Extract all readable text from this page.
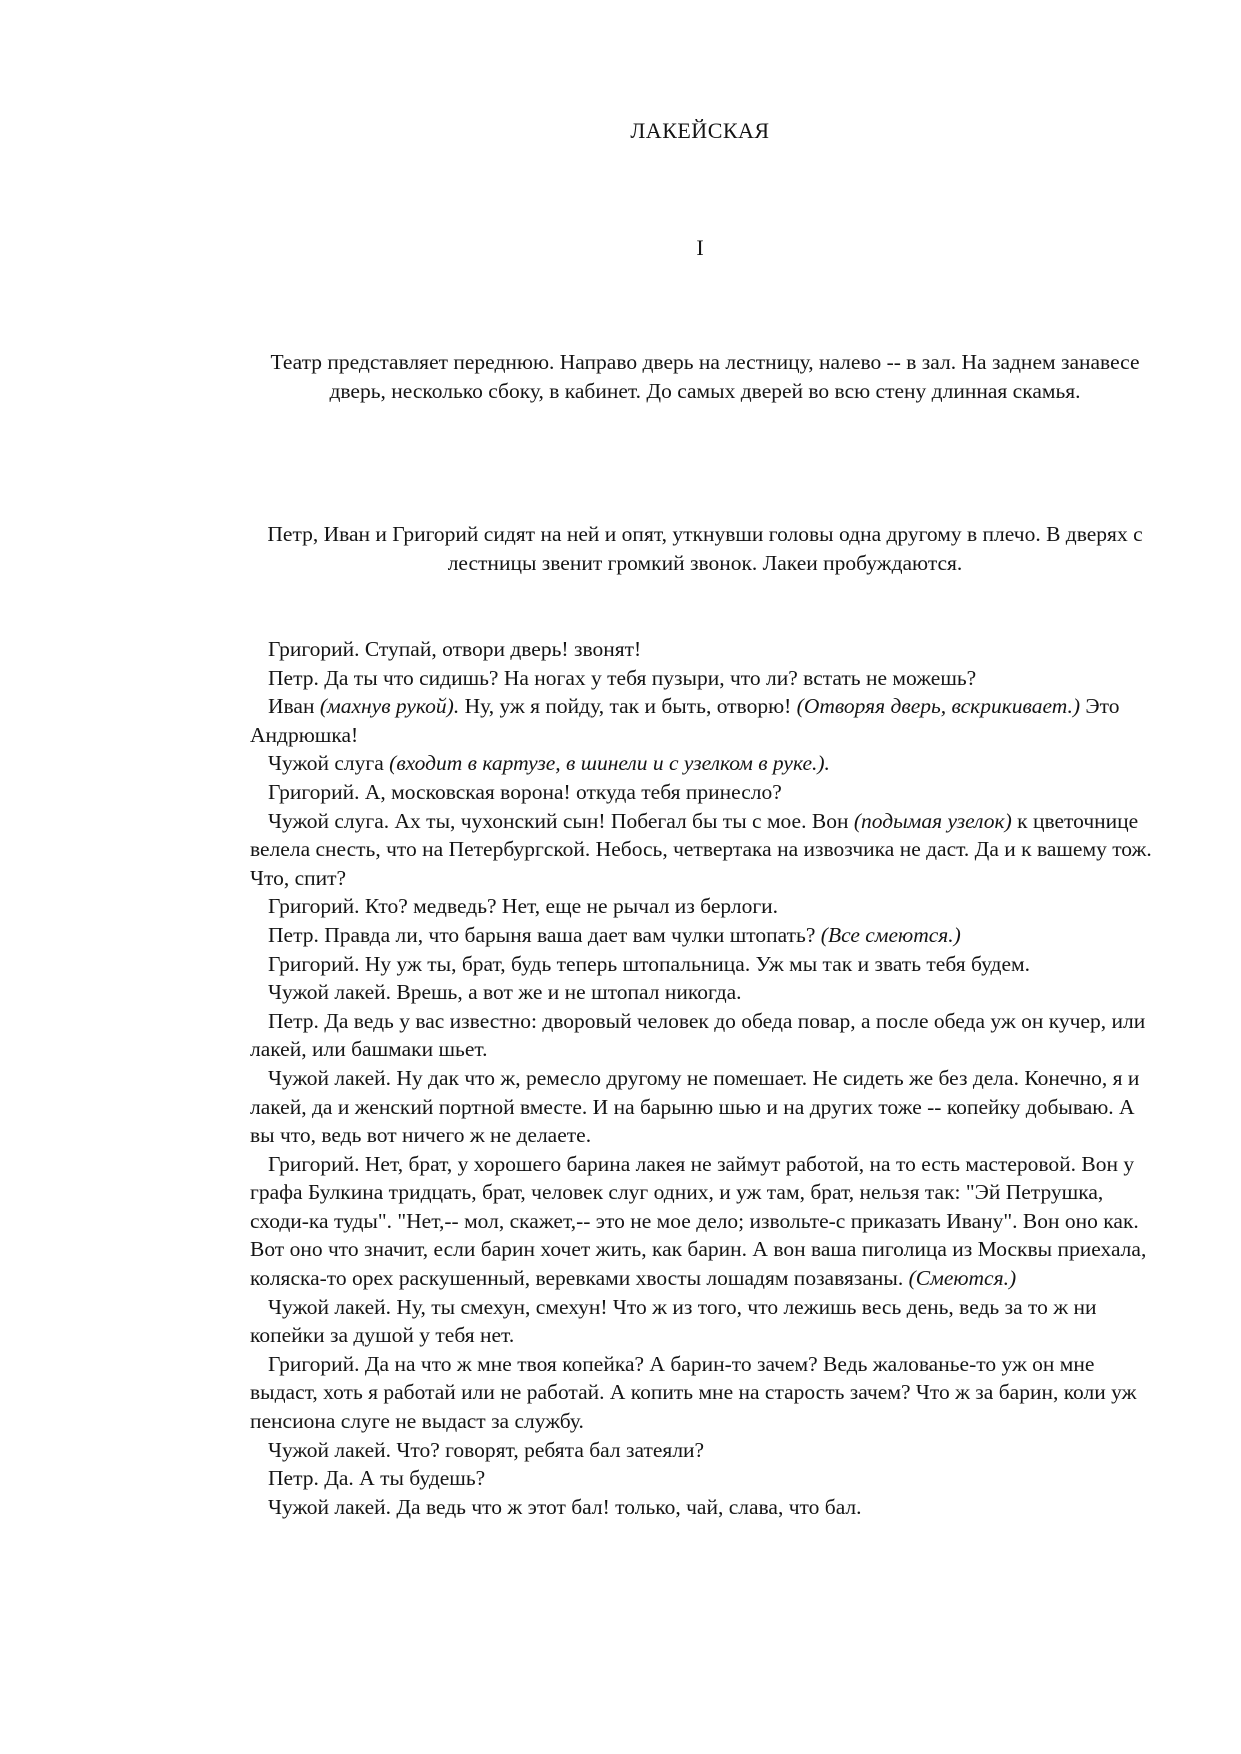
ЛАКЕЙСКАЯ
I
Театр представляет переднюю. Направо дверь на лестницу, налево -- в зал. На заднем занавесе дверь, несколько сбоку, в кабинет. До самых дверей во всю стену длинная скамья.
Петр, Иван и Григорий сидят на ней и опят, уткнувши головы одна другому в плечо. В дверях с лестницы звенит громкий звонок. Лакеи пробуждаются.

Григорий. Ступай, отвори дверь! звонят!

Петр. Да ты что сидишь? На ногах у тебя пузыри, что ли? встать не можешь?

Иван (махнув рукой). Ну, уж я пойду, так и быть, отворю! (Отворяя дверь, вскрикивает.) Это Андрюшка!

Чужой слуга (входит в картузе, в шинели и с узелком в руке.).

Григорий. А, московская ворона! откуда тебя принесло?

Чужой слуга. Ах ты, чухонский сын! Побегал бы ты с мое. Вон (подымая узелок) к цветочнице велела снесть, что на Петербургской. Небось, четвертака на извозчика не даст. Да и к вашему тож. Что, спит?

Григорий. Кто? медведь? Нет, еще не рычал из берлоги.

Петр. Правда ли, что барыня ваша дает вам чулки штопать? (Все смеются.)

Григорий. Ну уж ты, брат, будь теперь штопальница. Уж мы так и звать тебя будем.

Чужой лакей. Врешь, а вот же и не штопал никогда.

Петр. Да ведь у вас известно: дворовый человек до обеда повар, а после обеда уж он кучер, или лакей, или башмаки шьет.

Чужой лакей. Ну дак что ж, ремесло другому не помешает. Не сидеть же без дела. Конечно, я и лакей, да и женский портной вместе. И на барыню шью и на других тоже -- копейку добываю. А вы что, ведь вот ничего ж не делаете.

Григорий. Нет, брат, у хорошего барина лакея не займут работой, на то есть мастеровой. Вон у графа Булкина тридцать, брат, человек слуг одних, и уж там, брат, нельзя так: "Эй Петрушка, сходи-ка туды". "Нет,-- мол, скажет,-- это не мое дело; извольте-с приказать Ивану". Вон оно как. Вот оно что значит, если барин хочет жить, как барин. А вон ваша пиголица из Москвы приехала, коляска-то орех раскушенный, веревками хвосты лошадям позавязаны. (Смеются.)

Чужой лакей. Ну, ты смехун, смехун! Что ж из того, что лежишь весь день, ведь за то ж ни копейки за душой у тебя нет.

Григорий. Да на что ж мне твоя копейка? А барин-то зачем? Ведь жалованье-то уж он мне выдаст, хоть я работай или не работай. А копить мне на старость зачем? Что ж за барин, коли уж пенсиона слуге не выдаст за службу.

Чужой лакей. Что? говорят, ребята бал затеяли?

Петр. Да. А ты будешь?

Чужой лакей. Да ведь что ж этот бал! только, чай, слава, что бал.
